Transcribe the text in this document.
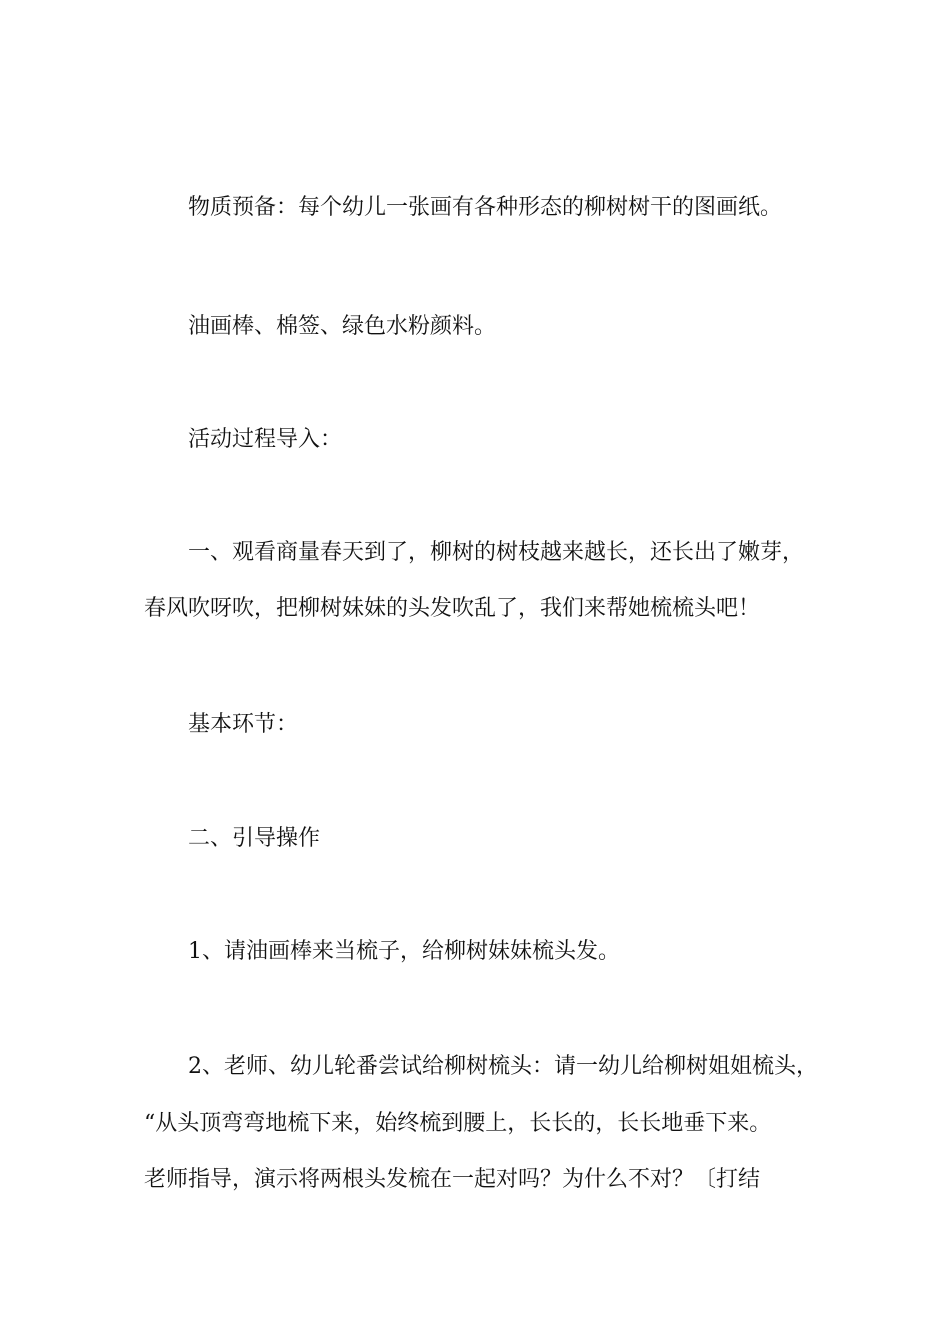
物质预备：每个幼儿一张画有各种形态的柳树树干的图画纸。
油画棒、棉签、绿色水粉颜料。
活动过程导入：
一、观看商量春天到了，柳树的树枝越来越长，还长出了嫩芽，
春风吹呀吹，把柳树妹妹的头发吹乱了，我们来帮她梳梳头吧！
基本环节：
二、引导操作
1、请油画棒来当梳子，给柳树妹妹梳头发。
2、老师、幼儿轮番尝试给柳树梳头：请一幼儿给柳树姐姐梳头，
“从头顶弯弯地梳下来，始终梳到腰上，长长的，长长地垂下来。
老师指导，演示将两根头发梳在一起对吗？为什么不对？〔打结
